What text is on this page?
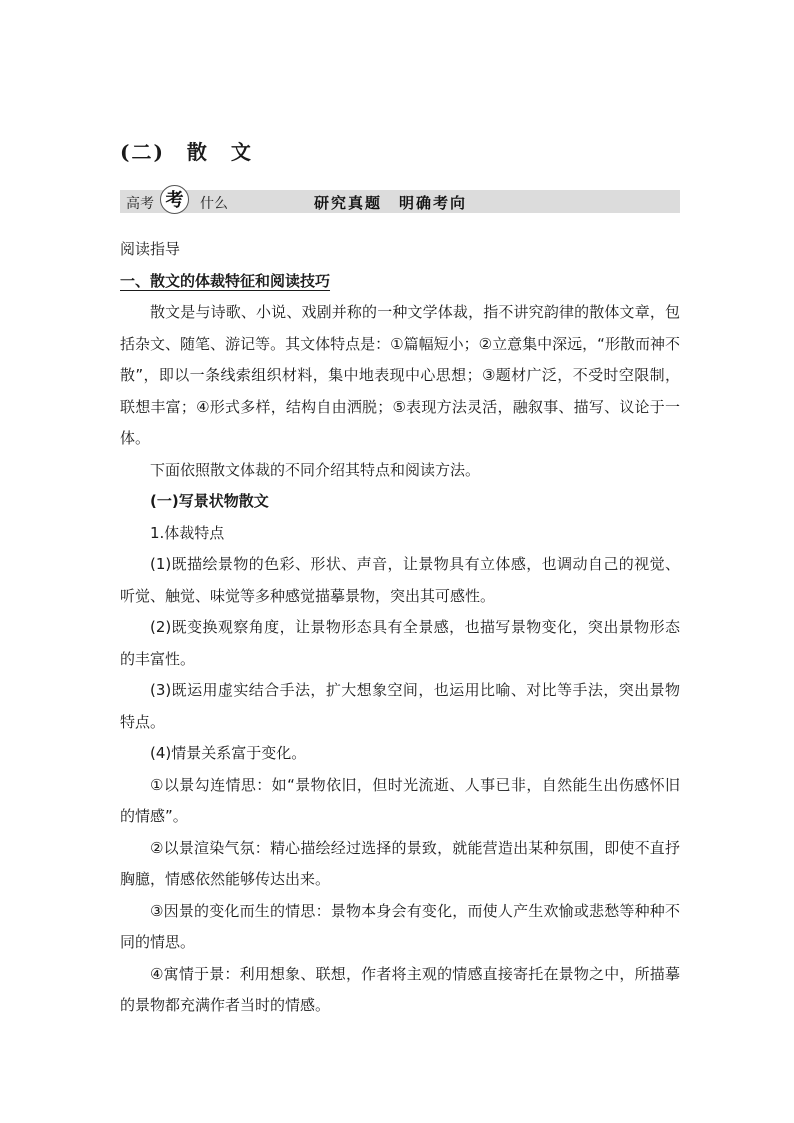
(二)　散　文
高考 考	什么	研究真题　明确考向

阅读指导

一、散文的体裁特征和阅读技巧

散文是与诗歌、小说、戏剧并称的一种文学体裁，指不讲究韵律的散体文章，包括杂文、随笔、游记等。其文体特点是：①篇幅短小；②立意集中深远，“形散而神不散”，即以一条线索组织材料，集中地表现中心思想；③题材广泛，不受时空限制，联想丰富；④形式多样，结构自由洒脱；⑤表现方法灵活，融叙事、描写、议论于一体。

下面依照散文体裁的不同介绍其特点和阅读方法。

(一)写景状物散文

1.体裁特点

(1)既描绘景物的色彩、形状、声音，让景物具有立体感，也调动自己的视觉、听觉、触觉、味觉等多种感觉描摹景物，突出其可感性。

(2)既变换观察角度，让景物形态具有全景感，也描写景物变化，突出景物形态的丰富性。

(3)既运用虚实结合手法，扩大想象空间，也运用比喻、对比等手法，突出景物特点。

(4)情景关系富于变化。

①以景勾连情思：如“景物依旧，但时光流逝、人事已非，自然能生出伤感怀旧的情感”。

②以景渲染气氛：精心描绘经过选择的景致，就能营造出某种氛围，即使不直抒胸臆，情感依然能够传达出来。

③因景的变化而生的情思：景物本身会有变化，而使人产生欢愉或悲愁等种种不同的情思。

④寓情于景：利用想象、联想，作者将主观的情感直接寄托在景物之中，所描摹的景物都充满作者当时的情感。
